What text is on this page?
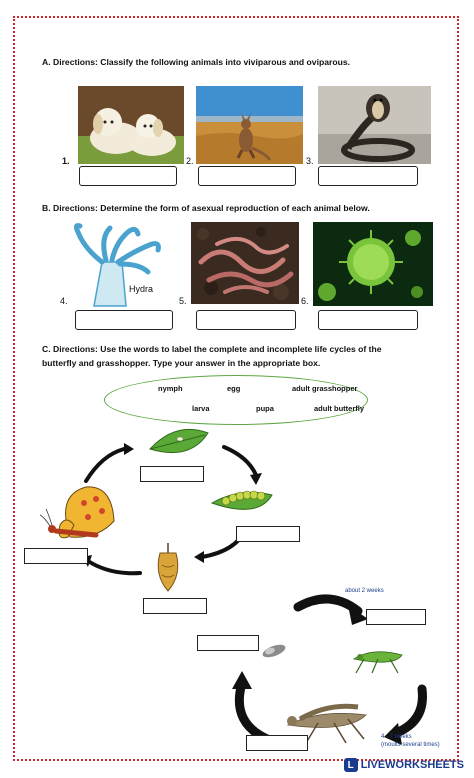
A. Directions: Classify the following animals into viviparous and oviparous.
1.	2.	3.
B. Directions: Determine the form of asexual reproduction of each animal below.
Hydra
4.	5.	6.
C. Directions: Use the words to label the complete and incomplete life cycles of the
butterfly and grasshopper. Type your answer in the appropriate box.
nymph	egg	adult grasshopper
larva	pupa	adult butterfly
about 2 weeks
4 - 7 weeks
(moults several times)
L LIVEWORKSHEETS
